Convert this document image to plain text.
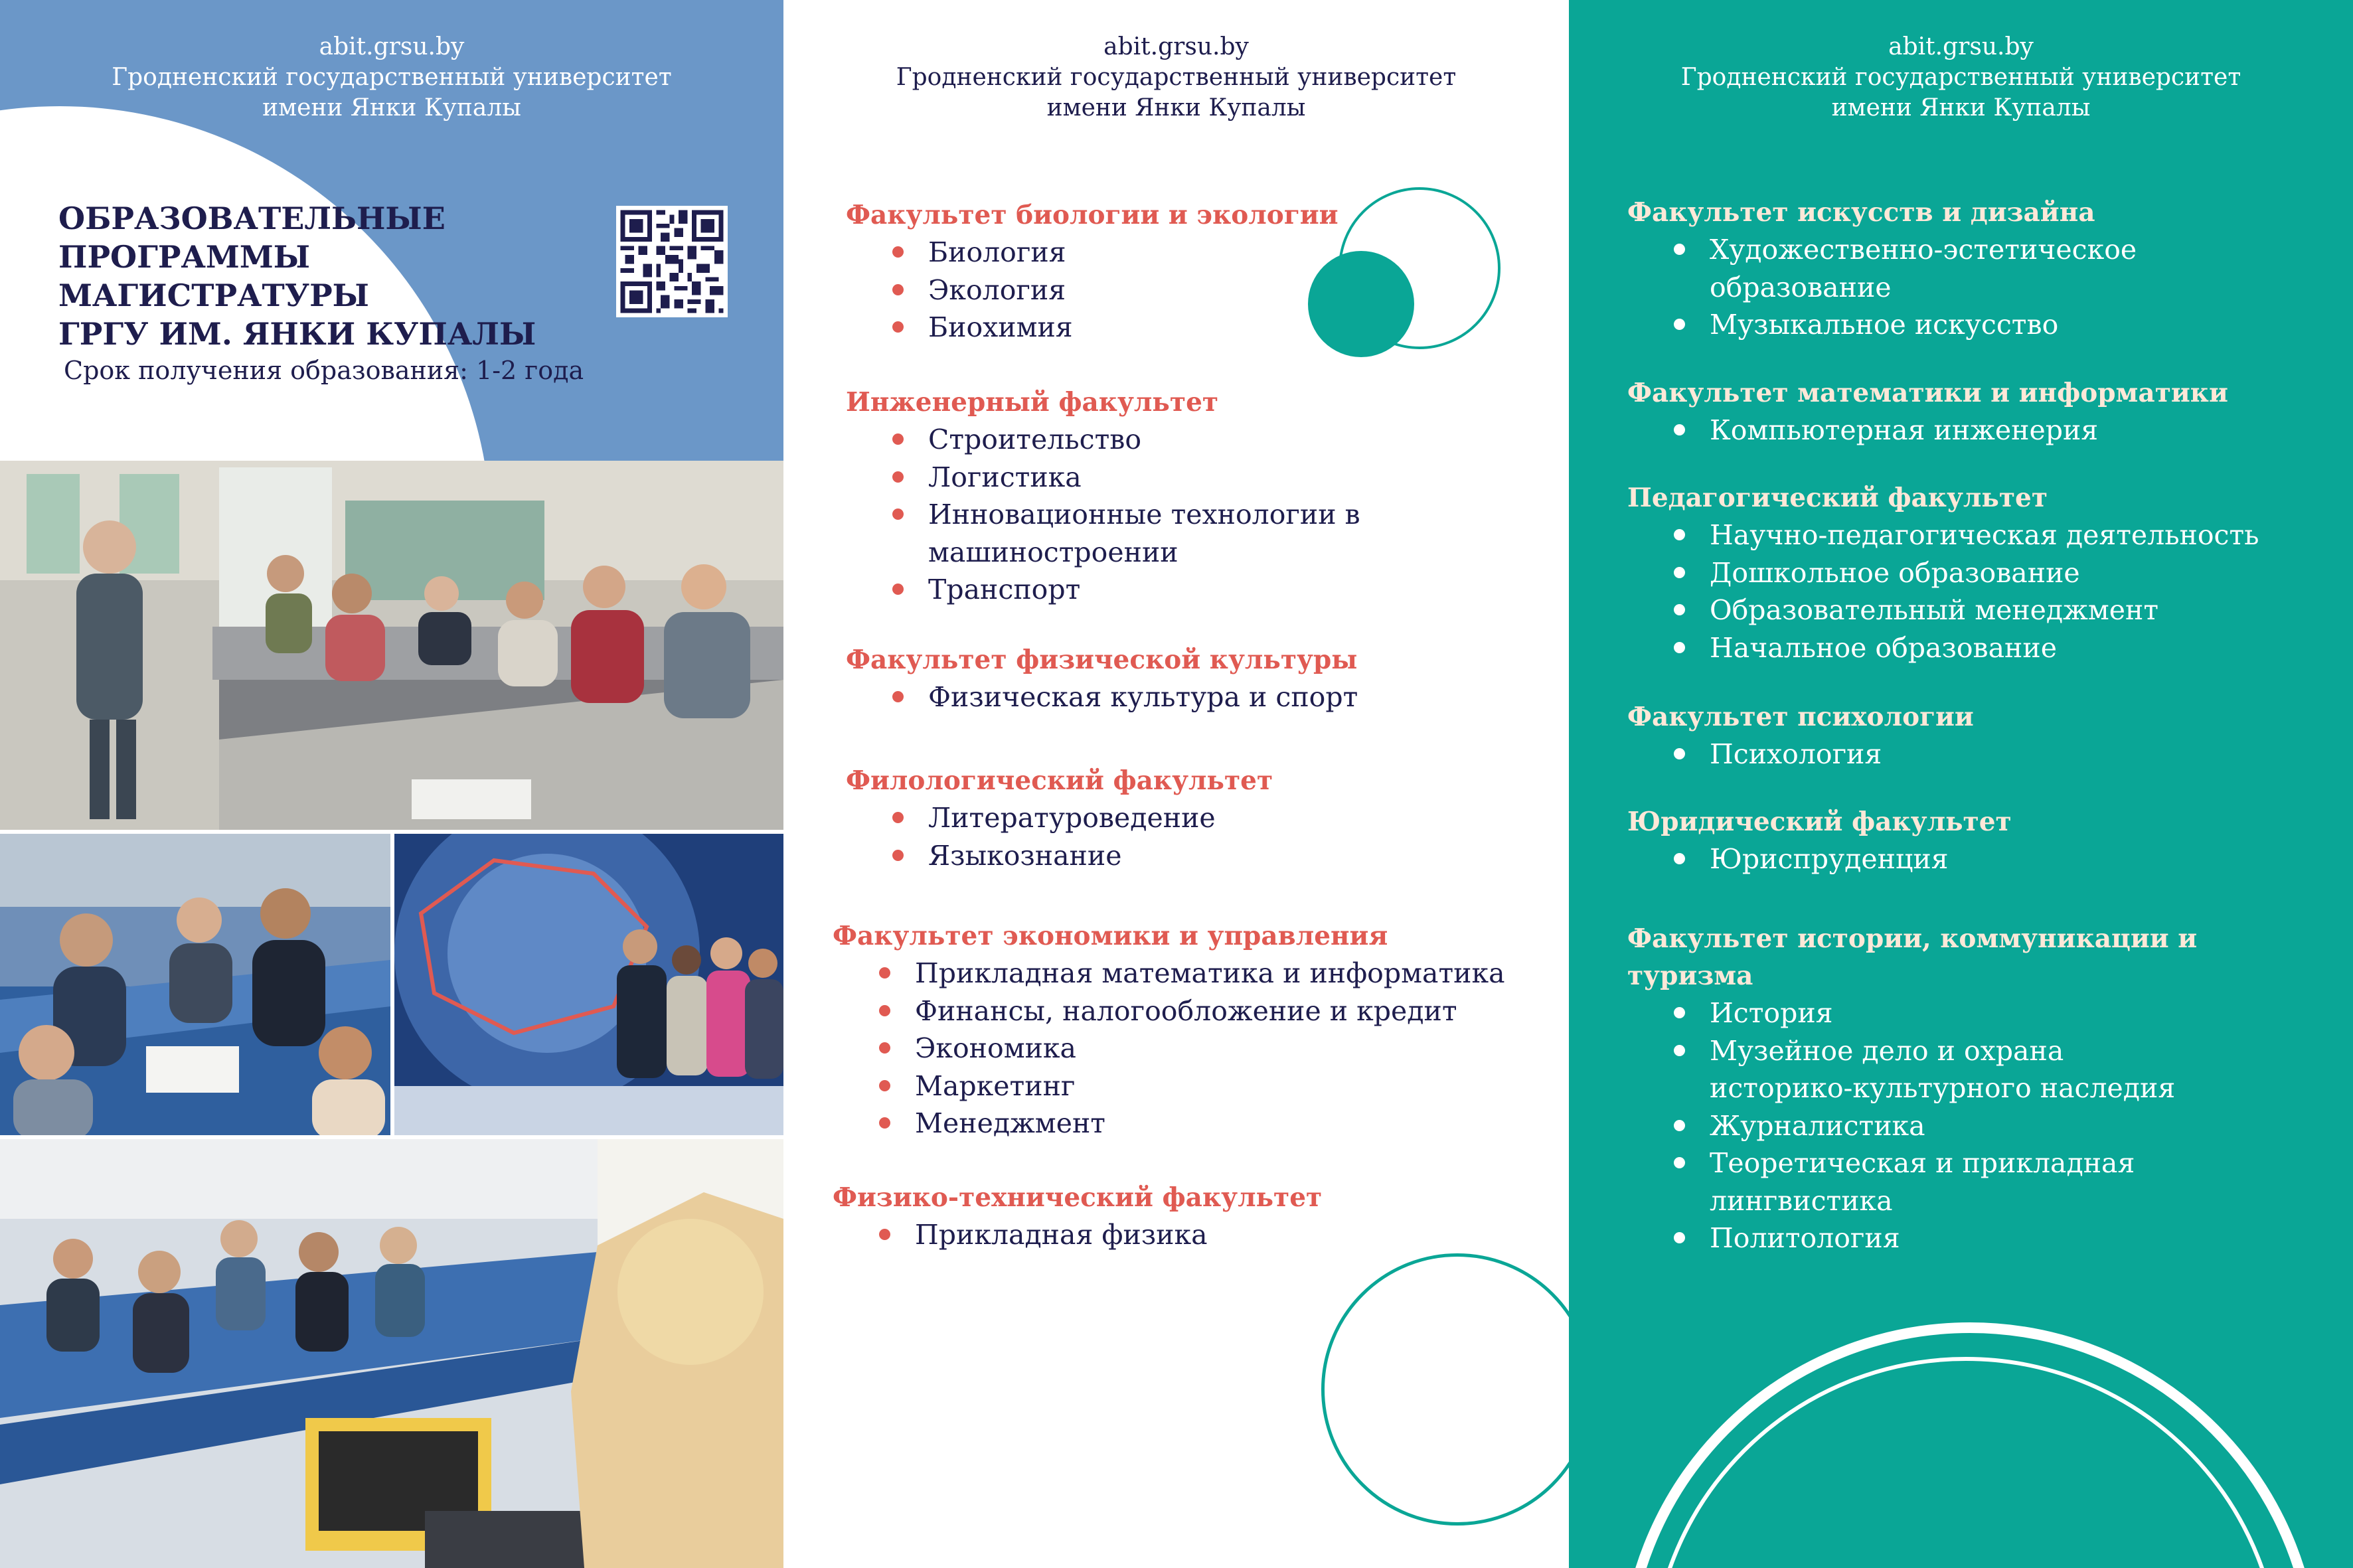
abit.grsu.by
Гродненский государственный университет
имени Янки Купалы
ОБРАЗОВАТЕЛЬНЫЕ
ПРОГРАММЫ МАГИСТРАТУРЫ
ГРГУ ИМ. ЯНКИ КУПАЛЫ
Срок получения образования: 1-2 года
abit.grsu.by
Гродненский государственный университет
имени Янки Купалы
Факультет биологии и экологии
Биология
Экология
Биохимия
Инженерный факультет
Строительство
Логистика
Инновационные технологии в
машиностроении
Транспорт
Факультет физической культуры
Физическая культура и спорт
Филологический факультет
Литературоведение
Языкознание
Факультет экономики и управления
Прикладная математика и информатика
Финансы, налогообложение и кредит
Экономика
Маркетинг
Менеджмент
Физико-технический факультет
Прикладная физика
abit.grsu.by
Гродненский государственный университет
имени Янки Купалы
Факультет искусств и дизайна
Художественно-эстетическое
образование
Музыкальное искусство
Факультет математики и информатики
Компьютерная инженерия
Педагогический факультет
Научно-педагогическая деятельность
Дошкольное образование
Образовательный менеджмент
Начальное образование
Факультет психологии
Психология
Юридический факультет
Юриспруденция
Факультет истории, коммуникации и туризма
История
Музейное дело и охрана
историко-культурного наследия
Журналистика
Теоретическая и прикладная
лингвистика
Политология
